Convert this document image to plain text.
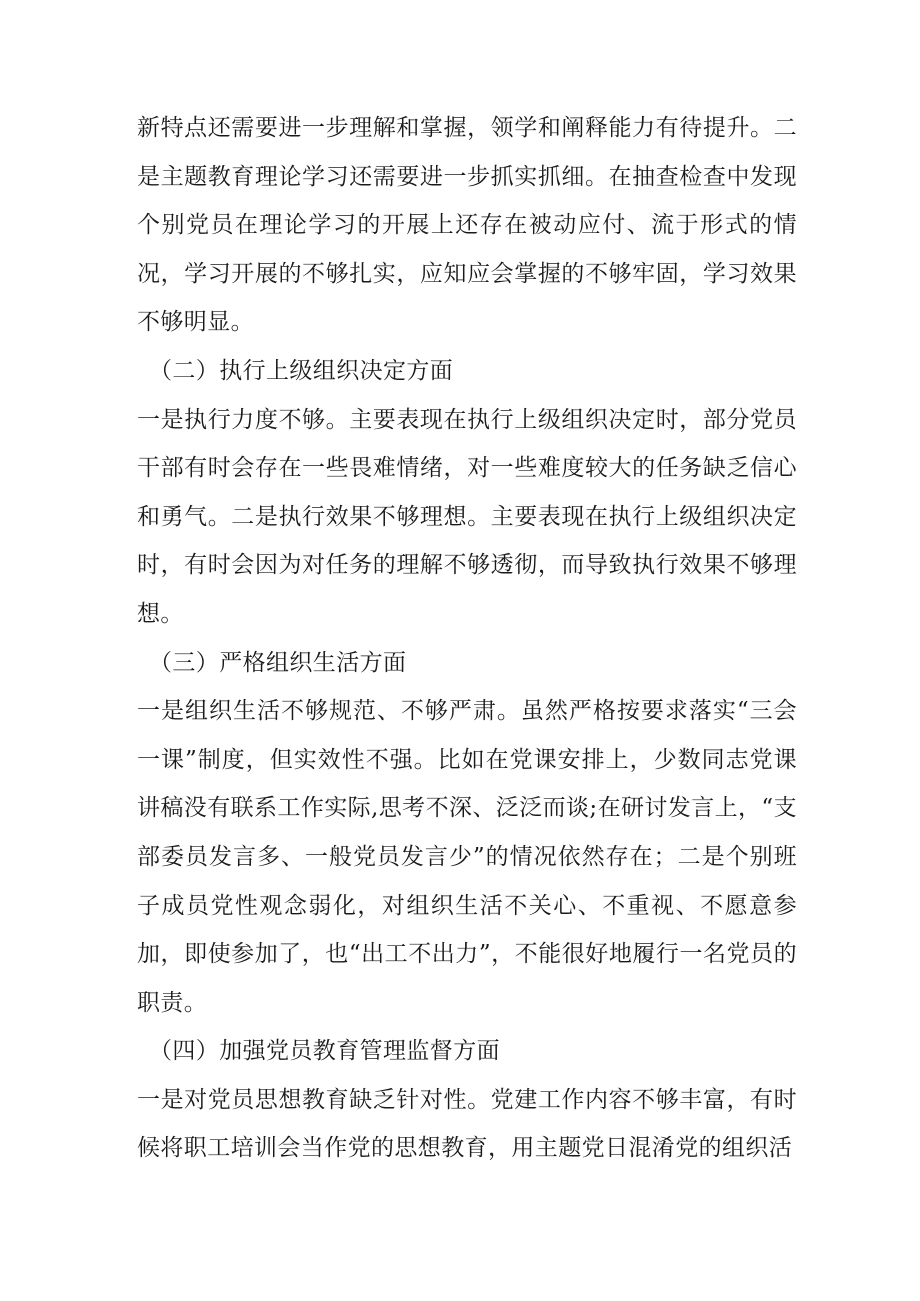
新特点还需要进一步理解和掌握，领学和阐释能力有待提升。二是主题教育理论学习还需要进一步抓实抓细。在抽查检查中发现个别党员在理论学习的开展上还存在被动应付、流于形式的情况，学习开展的不够扎实，应知应会掌握的不够牢固，学习效果不够明显。

（二）执行上级组织决定方面

一是执行力度不够。主要表现在执行上级组织决定时，部分党员干部有时会存在一些畏难情绪，对一些难度较大的任务缺乏信心和勇气。二是执行效果不够理想。主要表现在执行上级组织决定时，有时会因为对任务的理解不够透彻，而导致执行效果不够理想。

（三）严格组织生活方面

一是组织生活不够规范、不够严肃。虽然严格按要求落实“三会一课”制度，但实效性不强。比如在党课安排上，少数同志党课讲稿没有联系工作实际,思考不深、泛泛而谈;在研讨发言上，“支部委员发言多、一般党员发言少”的情况依然存在；二是个别班子成员党性观念弱化，对组织生活不关心、不重视、不愿意参加，即使参加了，也“出工不出力”，不能很好地履行一名党员的职责。

（四）加强党员教育管理监督方面

一是对党员思想教育缺乏针对性。党建工作内容不够丰富，有时候将职工培训会当作党的思想教育，用主题党日混淆党的组织活
